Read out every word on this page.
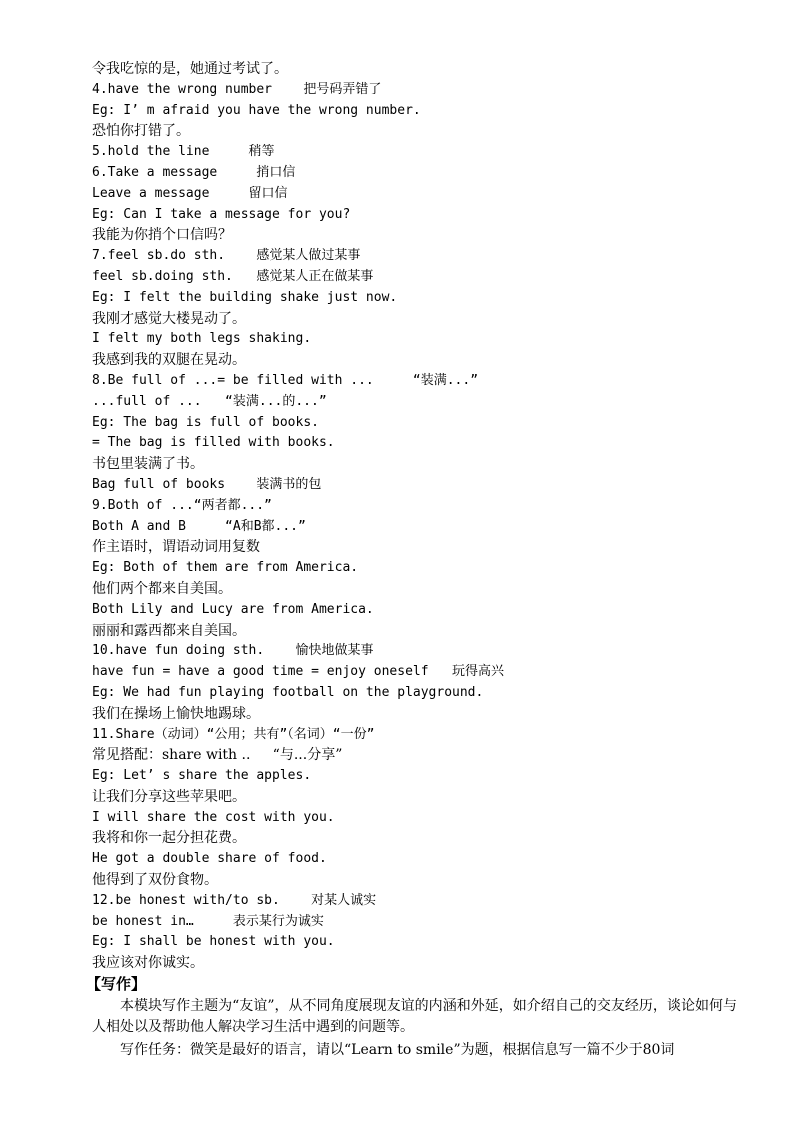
令我吃惊的是，她通过考试了。
4.have the wrong number    把号码弄错了
Eg: I’ m afraid you have the wrong number.
恐怕你打错了。
5.hold the line     稍等
6.Take a message     捎口信
Leave a message     留口信
Eg: Can I take a message for you?
我能为你捎个口信吗？
7.feel sb.do sth.    感觉某人做过某事
feel sb.doing sth.   感觉某人正在做某事
Eg: I felt the building shake just now.
我刚才感觉大楼晃动了。
I felt my both legs shaking.
我感到我的双腿在晃动。
8.Be full of ...= be filled with ...     “装满...”
...full of ...   “装满...的...”
Eg: The bag is full of books.
= The bag is filled with books.
书包里装满了书。
Bag full of books    装满书的包
9.Both of ...“两者都...”
Both A and B     “A和B都...”
作主语时，谓语动词用复数
Eg: Both of them are from America.
他们两个都来自美国。
Both Lily and Lucy are from America.
丽丽和露西都来自美国。
10.have fun doing sth.    愉快地做某事
have fun = have a good time = enjoy oneself   玩得高兴
Eg: We had fun playing football on the playground.
我们在操场上愉快地踢球。
11.Share（动词）“公用；共有”（名词）“一份”
常见搭配：share with ..     “与...分享”
Eg: Let’ s share the apples.
让我们分享这些苹果吧。
I will share the cost with you.
我将和你一起分担花费。
He got a double share of food.
他得到了双份食物。
12.be honest with/to sb.    对某人诚实
be honest in…     表示某行为诚实
Eg: I shall be honest with you.
我应该对你诚实。
【写作】
本模块写作主题为“友谊”，从不同角度展现友谊的内涵和外延，如介绍自己的交友经历，谈论如何与人相处以及帮助他人解决学习生活中遇到的问题等。
写作任务：微笑是最好的语言，请以“Learn to smile”为题，根据信息写一篇不少于80词
